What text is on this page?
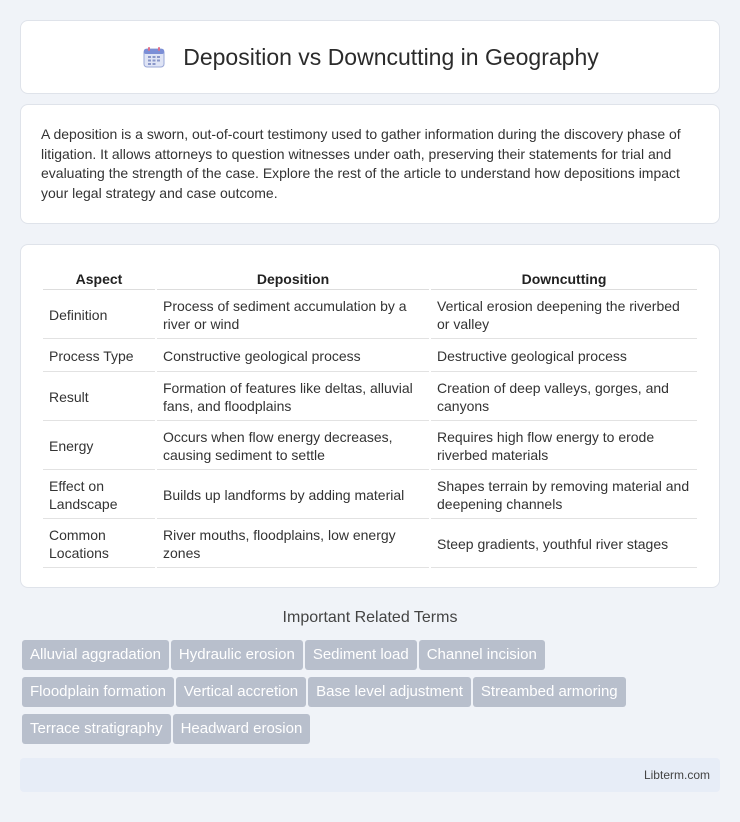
Deposition vs Downcutting in Geography

A deposition is a sworn, out-of-court testimony used to gather information during the discovery phase of litigation. It allows attorneys to question witnesses under oath, preserving their statements for trial and evaluating the strength of the case. Explore the rest of the article to understand how depositions impact your legal strategy and case outcome.

Aspect	Deposition	Downcutting
Definition	Process of sediment accumulation by a river or wind	Vertical erosion deepening the riverbed or valley
Process Type	Constructive geological process	Destructive geological process
Result	Formation of features like deltas, alluvial fans, and floodplains	Creation of deep valleys, gorges, and canyons
Energy	Occurs when flow energy decreases, causing sediment to settle	Requires high flow energy to erode riverbed materials
Effect on Landscape	Builds up landforms by adding material	Shapes terrain by removing material and deepening channels
Common Locations	River mouths, floodplains, low energy zones	Steep gradients, youthful river stages
Important Related Terms
Alluvial aggradation Hydraulic erosion Sediment load Channel incision
Floodplain formation Vertical accretion Base level adjustment Streambed armoring
Terrace stratigraphy Headward erosion
Libterm.com
